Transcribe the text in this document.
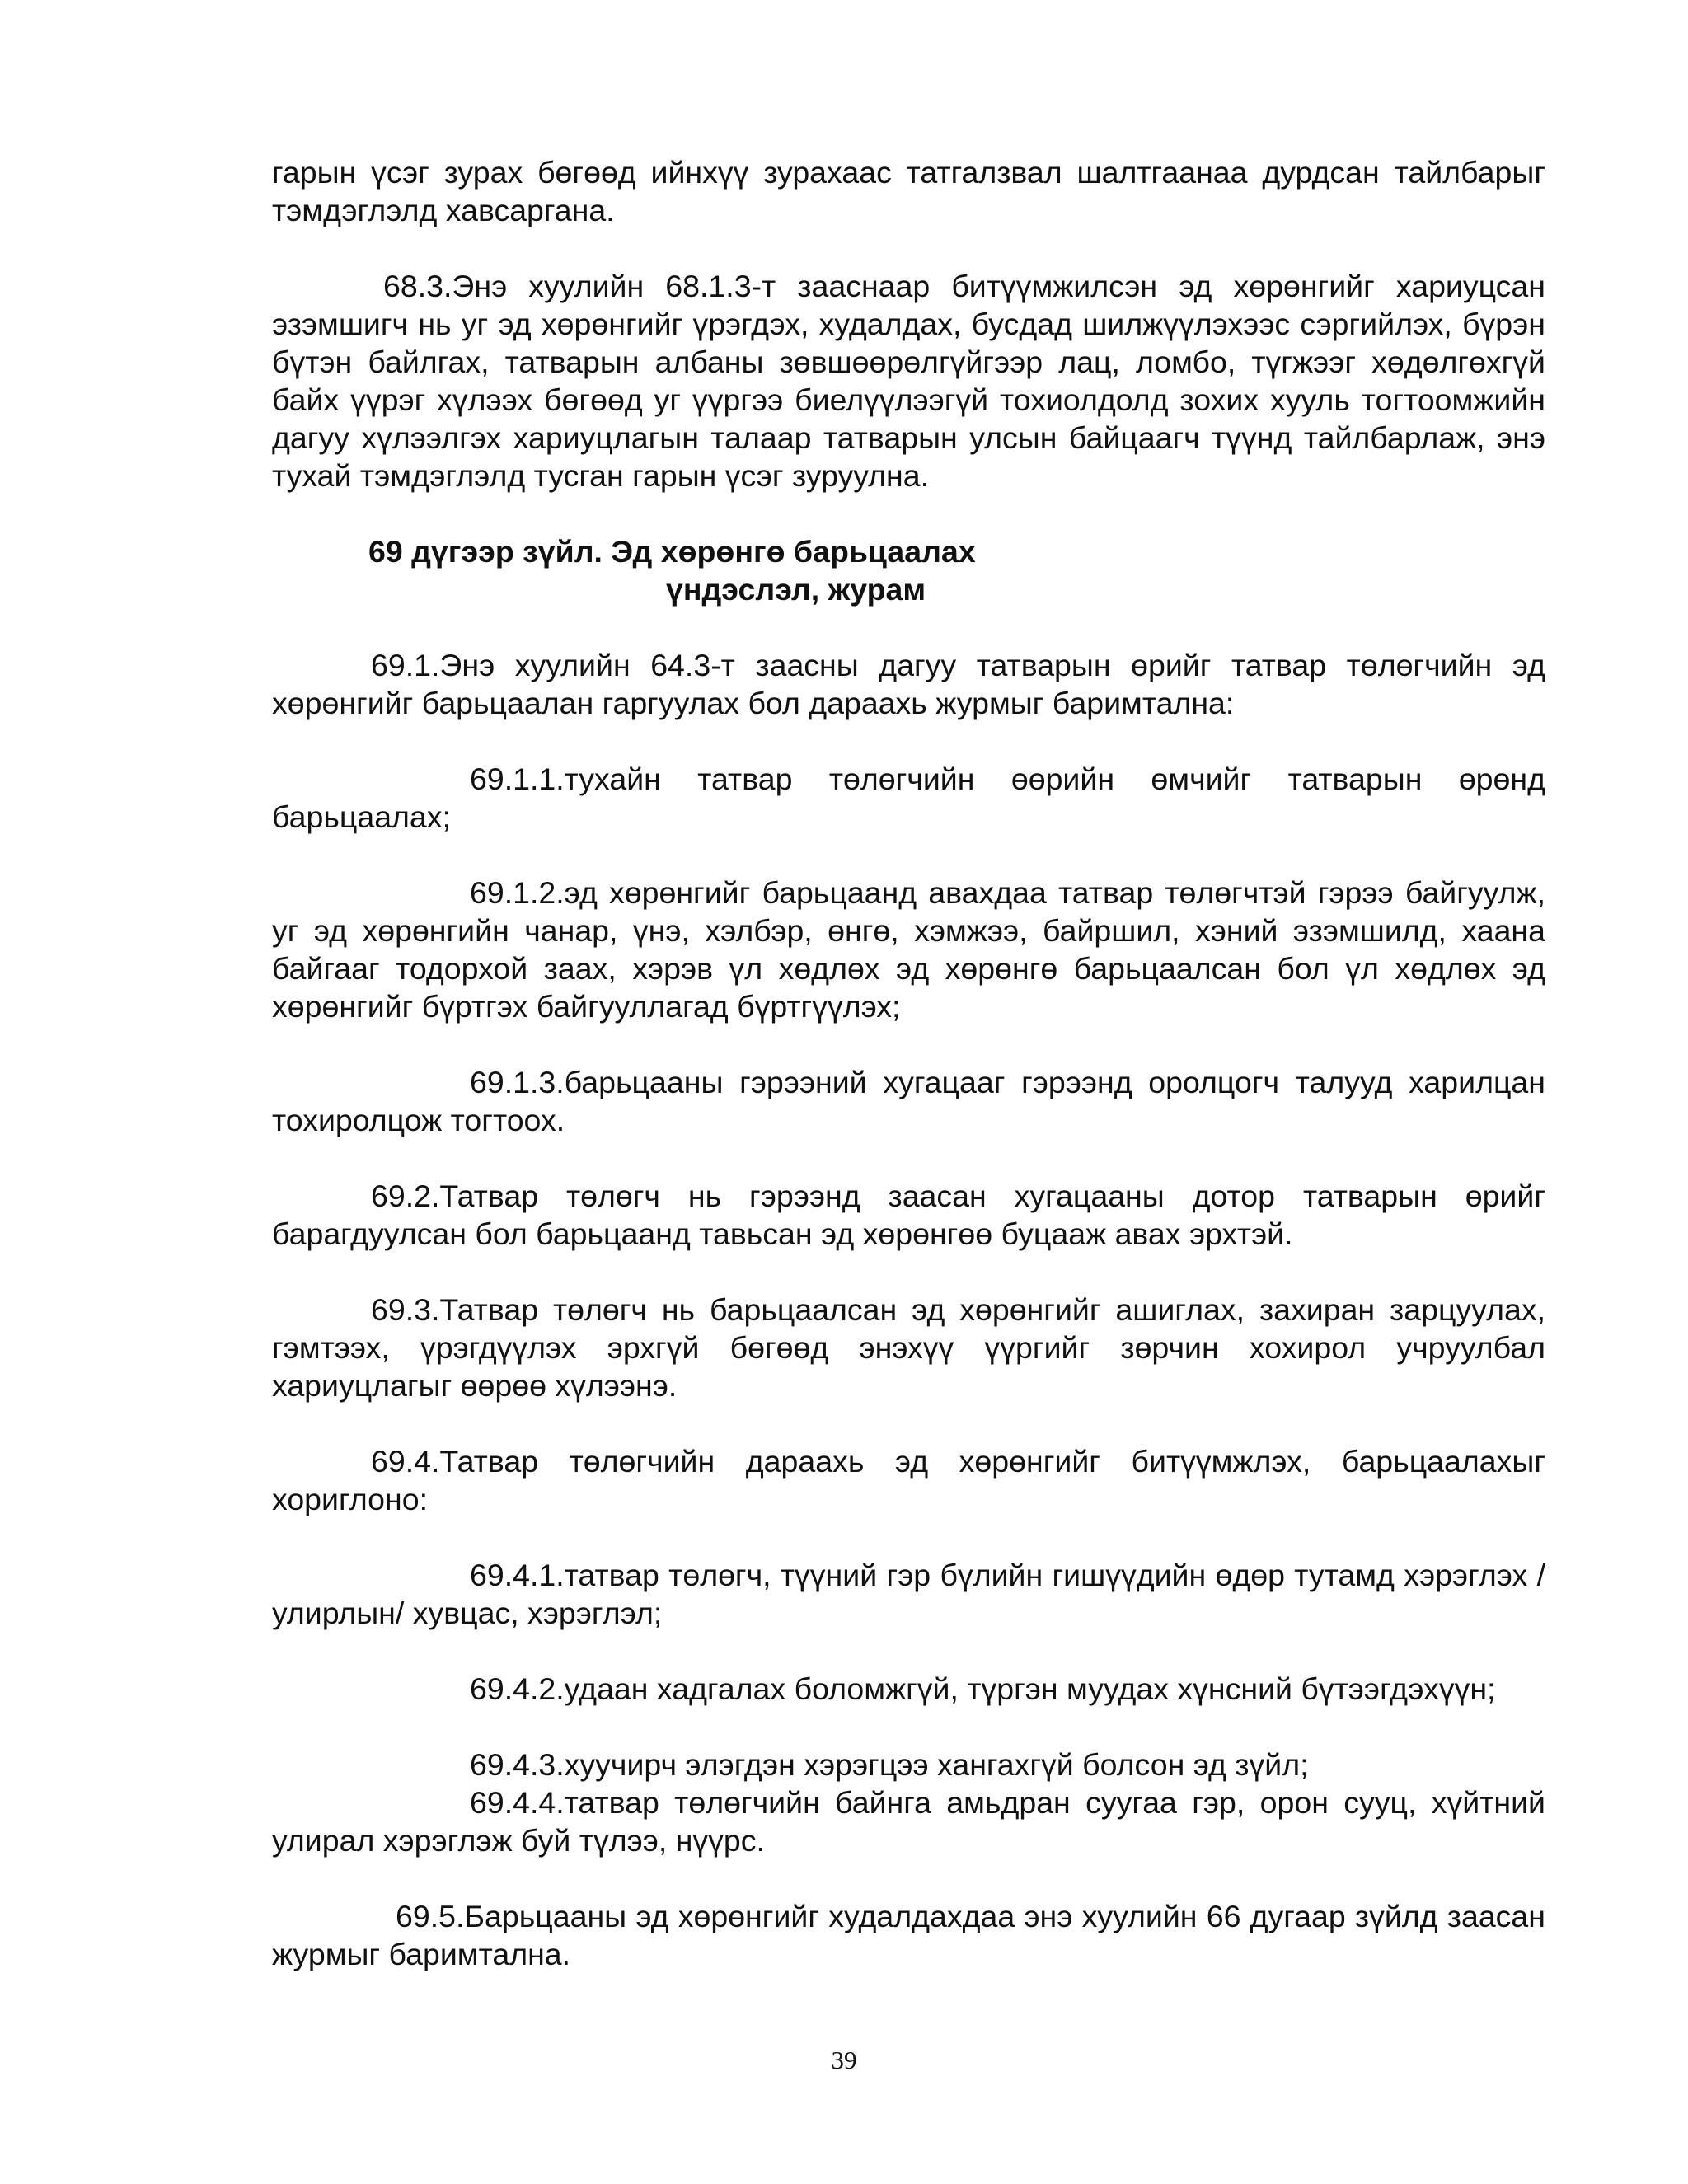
гарын үсэг зурах бөгөөд ийнхүү зурахаас татгалзвал шалтгаанаа дурдсан тайлбарыг тэмдэглэлд хавсаргана.

68.3.Энэ хуулийн 68.1.3-т зааснаар битүүмжилсэн эд хөрөнгийг хариуцсан эзэмшигч нь уг эд хөрөнгийг үрэгдэх, худалдах, бусдад шилжүүлэхээс сэргийлэх, бүрэн бүтэн байлгах, татварын албаны зөвшөөрөлгүйгээр лац, ломбо, түгжээг хөдөлгөхгүй байх үүрэг хүлээх бөгөөд уг үүргээ биелүүлээгүй тохиолдолд зохих хууль тогтоомжийн дагуу хүлээлгэх хариуцлагын талаар татварын улсын байцаагч түүнд тайлбарлаж, энэ тухай тэмдэглэлд тусган гарын үсэг зуруулна.

69 дүгээр зүйл. Эд хөрөнгө барьцаалах
үндэслэл, журам

69.1.Энэ хуулийн 64.3-т заасны дагуу татварын өрийг татвар төлөгчийн эд хөрөнгийг барьцаалан гаргуулах бол дараахь журмыг баримтална:

69.1.1.тухайн татвар төлөгчийн өөрийн өмчийг татварын өрөнд барьцаалах;

69.1.2.эд хөрөнгийг барьцаанд авахдаа татвар төлөгчтэй гэрээ байгуулж, уг эд хөрөнгийн чанар, үнэ, хэлбэр, өнгө, хэмжээ, байршил, хэний эзэмшилд, хаана байгааг тодорхой заах, хэрэв үл хөдлөх эд хөрөнгө барьцаалсан бол үл хөдлөх эд хөрөнгийг бүртгэх байгууллагад бүртгүүлэх;

69.1.3.барьцааны гэрээний хугацааг гэрээнд оролцогч талууд харилцан тохиролцож тогтоох.

69.2.Татвар төлөгч нь гэрээнд заасан хугацааны дотор татварын өрийг барагдуулсан бол барьцаанд тавьсан эд хөрөнгөө буцааж авах эрхтэй.

69.3.Татвар төлөгч нь барьцаалсан эд хөрөнгийг ашиглах, захиран зарцуулах, гэмтээх, үрэгдүүлэх эрхгүй бөгөөд энэхүү үүргийг зөрчин хохирол учруулбал хариуцлагыг өөрөө хүлээнэ.

69.4.Татвар төлөгчийн дараахь эд хөрөнгийг битүүмжлэх, барьцаалахыг хориглоно:

69.4.1.татвар төлөгч, түүний гэр бүлийн гишүүдийн өдөр тутамд хэрэглэх /улирлын/ хувцас, хэрэглэл;

69.4.2.удаан хадгалах боломжгүй, түргэн муудах хүнсний бүтээгдэхүүн;

69.4.3.хуучирч элэгдэн хэрэгцээ хангахгүй болсон эд зүйл;

69.4.4.татвар төлөгчийн байнга амьдран суугаа гэр, орон сууц, хүйтний улирал хэрэглэж буй түлээ, нүүрс.

69.5.Барьцааны эд хөрөнгийг худалдахдаа энэ хуулийн 66 дугаар зүйлд заасан журмыг баримтална.

39
